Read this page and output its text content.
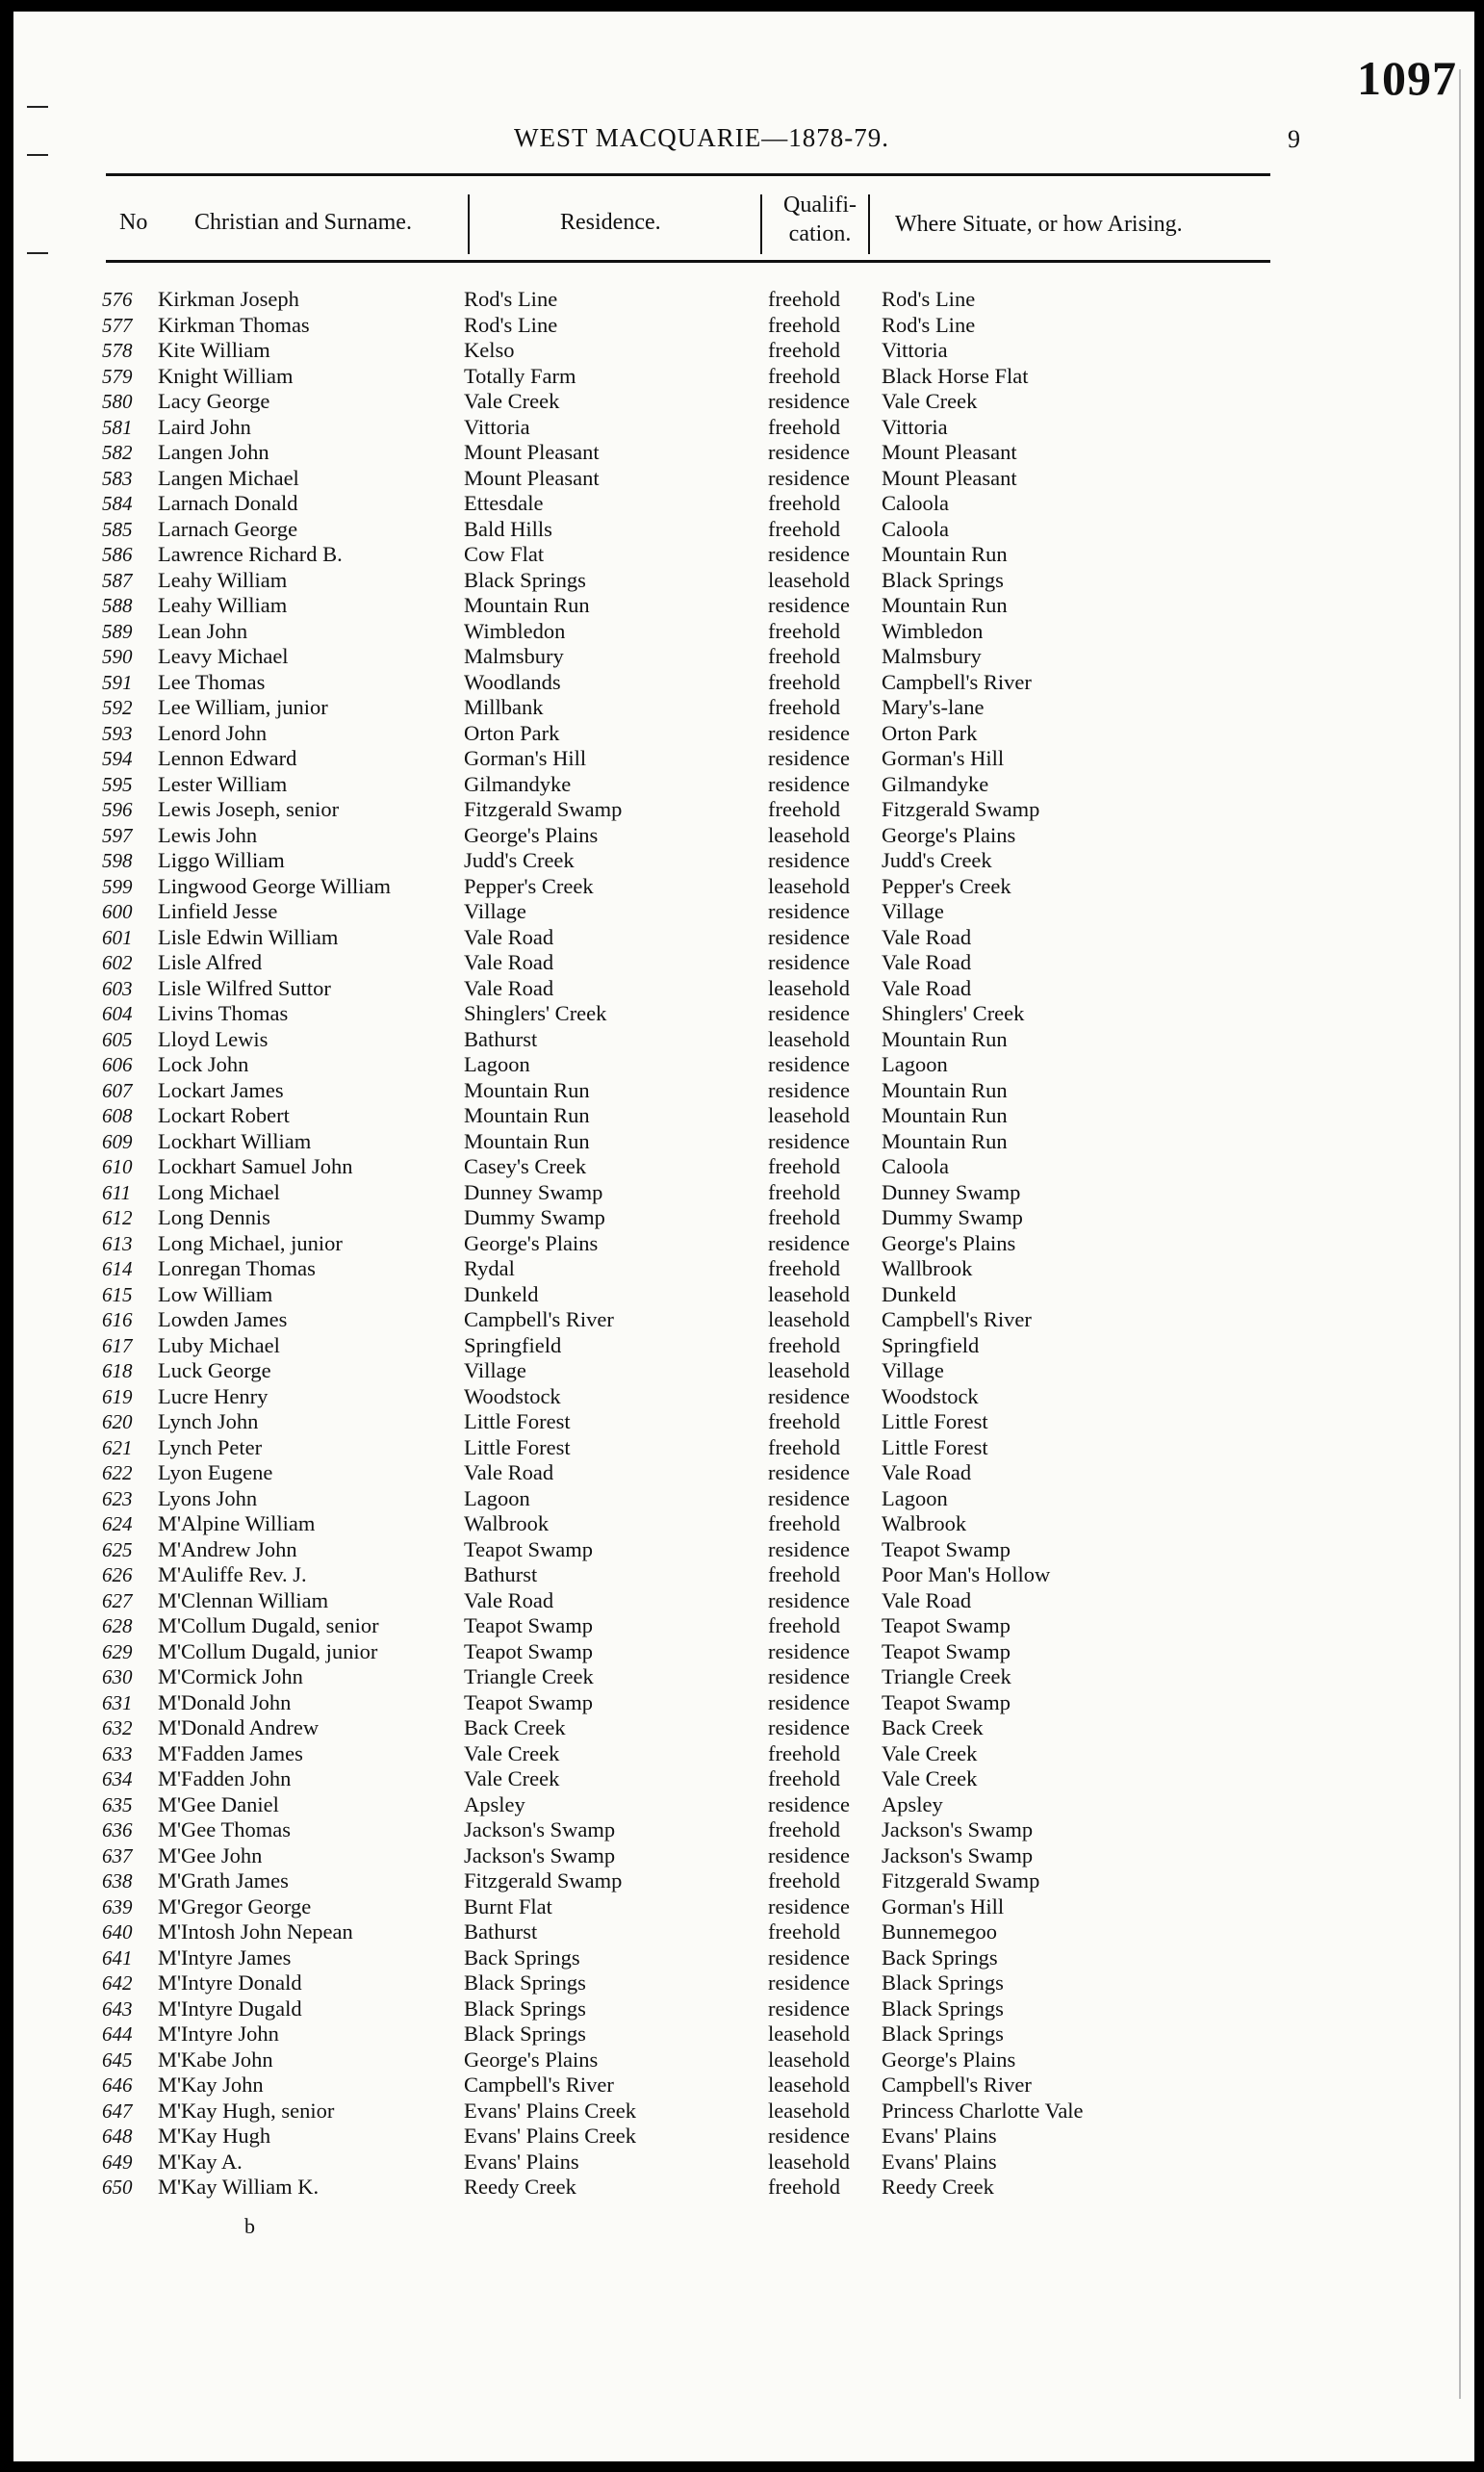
1097
WEST MACQUARIE—1878-79.	9
No Christian and Surname.	Residence.
Qualifi-
cation.	Where Situate, or how Arising.
576	Kirkman Joseph	Rod's Line	freehold Rod's Line
577	Kirkman Thomas	Rod's Line	freehold Rod's Line
578	Kite William	Kelso	freehold Vittoria
579	Knight William	Totally Farm	freehold Black Horse Flat
580	Lacy George	Vale Creek	residence Vale Creek
581	Laird John	Vittoria	freehold Vittoria
582	Langen John	Mount Pleasant	residence Mount Pleasant
583	Langen Michael	Mount Pleasant	residence Mount Pleasant
584	Larnach Donald	Ettesdale	freehold Caloola
585	Larnach George	Bald Hills	freehold Caloola
586	Lawrence Richard B.	Cow Flat	residence Mountain Run
587	Leahy William	Black Springs	leasehold Black Springs
588	Leahy William	Mountain Run	residence Mountain Run
589	Lean John	Wimbledon	freehold Wimbledon
590	Leavy Michael	Malmsbury	freehold Malmsbury
591	Lee Thomas	Woodlands	freehold Campbell's River
592	Lee William, junior	Millbank	freehold Mary's-lane
593	Lenord John	Orton Park	residence Orton Park
594	Lennon Edward	Gorman's Hill	residence Gorman's Hill
595	Lester William	Gilmandyke	residence Gilmandyke
596	Lewis Joseph, senior	Fitzgerald Swamp	freehold Fitzgerald Swamp
597	Lewis John	George's Plains	leasehold George's Plains
598	Liggo William	Judd's Creek	residence Judd's Creek
599	Lingwood George William	Pepper's Creek	leasehold Pepper's Creek
600	Linfield Jesse	Village	residence Village
601	Lisle Edwin William	Vale Road	residence Vale Road
602	Lisle Alfred	Vale Road	residence Vale Road
603	Lisle Wilfred Suttor	Vale Road	leasehold Vale Road
604	Livins Thomas	Shinglers' Creek	residence Shinglers' Creek
605	Lloyd Lewis	Bathurst	leasehold Mountain Run
606	Lock John	Lagoon	residence Lagoon
607	Lockart James	Mountain Run	residence Mountain Run
608	Lockart Robert	Mountain Run	leasehold Mountain Run
609	Lockhart William	Mountain Run	residence Mountain Run
610	Lockhart Samuel John	Casey's Creek	freehold Caloola
611	Long Michael	Dunney Swamp	freehold Dunney Swamp
612	Long Dennis	Dummy Swamp	freehold Dummy Swamp
613	Long Michael, junior	George's Plains	residence George's Plains
614	Lonregan Thomas	Rydal	freehold Wallbrook
615	Low William	Dunkeld	leasehold Dunkeld
616	Lowden James	Campbell's River	leasehold Campbell's River
617	Luby Michael	Springfield	freehold Springfield
618	Luck George	Village	leasehold Village
619	Lucre Henry	Woodstock	residence Woodstock
620	Lynch John	Little Forest	freehold Little Forest
621	Lynch Peter	Little Forest	freehold Little Forest
622	Lyon Eugene	Vale Road	residence Vale Road
623	Lyons John	Lagoon	residence Lagoon
624	M'Alpine William	Walbrook	freehold Walbrook
625	M'Andrew John	Teapot Swamp	residence Teapot Swamp
626	M'Auliffe Rev. J.	Bathurst	freehold Poor Man's Hollow
627	M'Clennan William	Vale Road	residence Vale Road
628	M'Collum Dugald, senior	Teapot Swamp	freehold Teapot Swamp
629	M'Collum Dugald, junior	Teapot Swamp	residence Teapot Swamp
630	M'Cormick John	Triangle Creek	residence Triangle Creek
631	M'Donald John	Teapot Swamp	residence Teapot Swamp
632	M'Donald Andrew	Back Creek	residence Back Creek
633	M'Fadden James	Vale Creek	freehold Vale Creek
634	M'Fadden John	Vale Creek	freehold Vale Creek
635	M'Gee Daniel	Apsley	residence Apsley
636	M'Gee Thomas	Jackson's Swamp	freehold Jackson's Swamp
637	M'Gee John	Jackson's Swamp	residence Jackson's Swamp
638	M'Grath James	Fitzgerald Swamp	freehold Fitzgerald Swamp
639	M'Gregor George	Burnt Flat	residence Gorman's Hill
640	M'Intosh John Nepean	Bathurst	freehold Bunnemegoo
641	M'Intyre James	Back Springs	residence Back Springs
642	M'Intyre Donald	Black Springs	residence Black Springs
643	M'Intyre Dugald	Black Springs	residence Black Springs
644	M'Intyre John	Black Springs	leasehold Black Springs
645	M'Kabe John	George's Plains	leasehold George's Plains
646	M'Kay John	Campbell's River	leasehold Campbell's River
647	M'Kay Hugh, senior	Evans' Plains Creek	leasehold Princess Charlotte Vale
648	M'Kay Hugh	Evans' Plains Creek	residence Evans' Plains
649	M'Kay A.	Evans' Plains	leasehold Evans' Plains
650	M'Kay William K.	Reedy Creek	freehold Reedy Creek
b
